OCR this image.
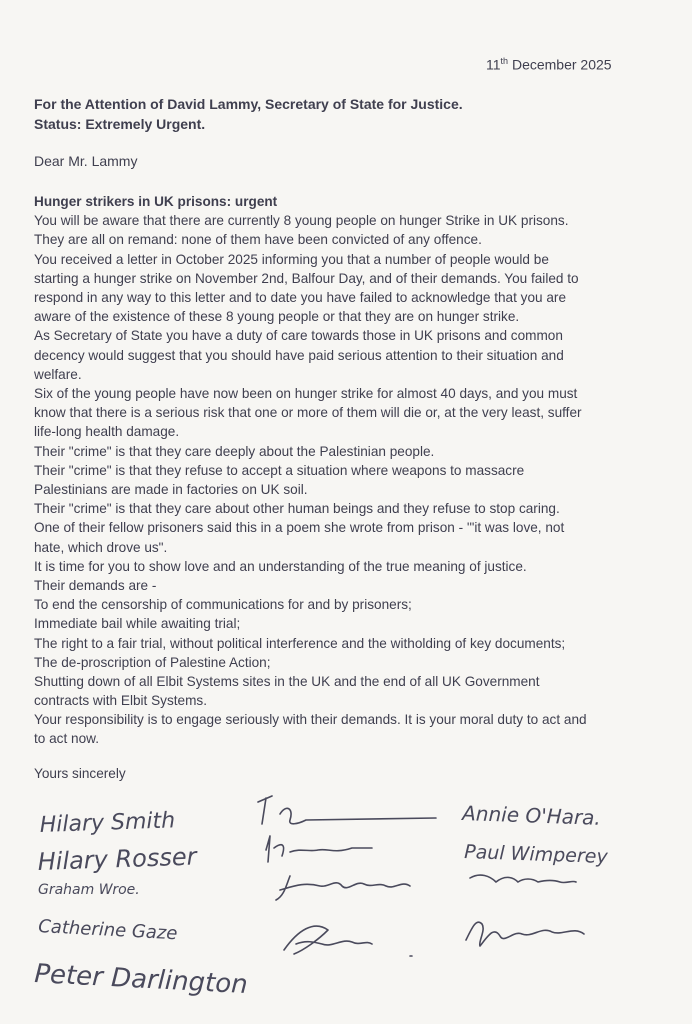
11th December 2025
For the Attention of David Lammy, Secretary of State for Justice.
Status: Extremely Urgent.
Dear Mr. Lammy

Hunger strikers in UK prisons: urgent

You will be aware that there are currently 8 young people on hunger Strike in UK prisons.

They are all on remand: none of them have been convicted of any offence.

You received a letter in October 2025 informing you that a number of people would be

starting a hunger strike on November 2nd, Balfour Day, and of their demands. You failed to

respond in any way to this letter and to date you have failed to acknowledge that you are

aware of the existence of these 8 young people or that they are on hunger strike.

As Secretary of State you have a duty of care towards those in UK prisons and common

decency would suggest that you should have paid serious attention to their situation and

welfare.

Six of the young people have now been on hunger strike for almost 40 days, and you must

know that there is a serious risk that one or more of them will die or, at the very least, suffer

life-long health damage.

Their "crime" is that they care deeply about the Palestinian people.

Their "crime" is that they refuse to accept a situation where weapons to massacre

Palestinians are made in factories on UK soil.

Their "crime" is that they care about other human beings and they refuse to stop caring.

One of their fellow prisoners said this in a poem she wrote from prison - '"it was love, not

hate, which drove us".

It is time for you to show love and an understanding of the true meaning of justice.

Their demands are -

To end the censorship of communications for and by prisoners;

Immediate bail while awaiting trial;

The right to a fair trial, without political interference and the witholding of key documents;

The de-proscription of Palestine Action;

Shutting down of all Elbit Systems sites in the UK and the end of all UK Government

contracts with Elbit Systems.

Your responsibility is to engage seriously with their demands. It is your moral duty to act and

to act now.

Yours sincerely
Hilary Smith
Hilary Rosser
Graham Wroe.
Catherine Gaze
Peter Darlington
Annie O'Hara.
Paul Wimperey
